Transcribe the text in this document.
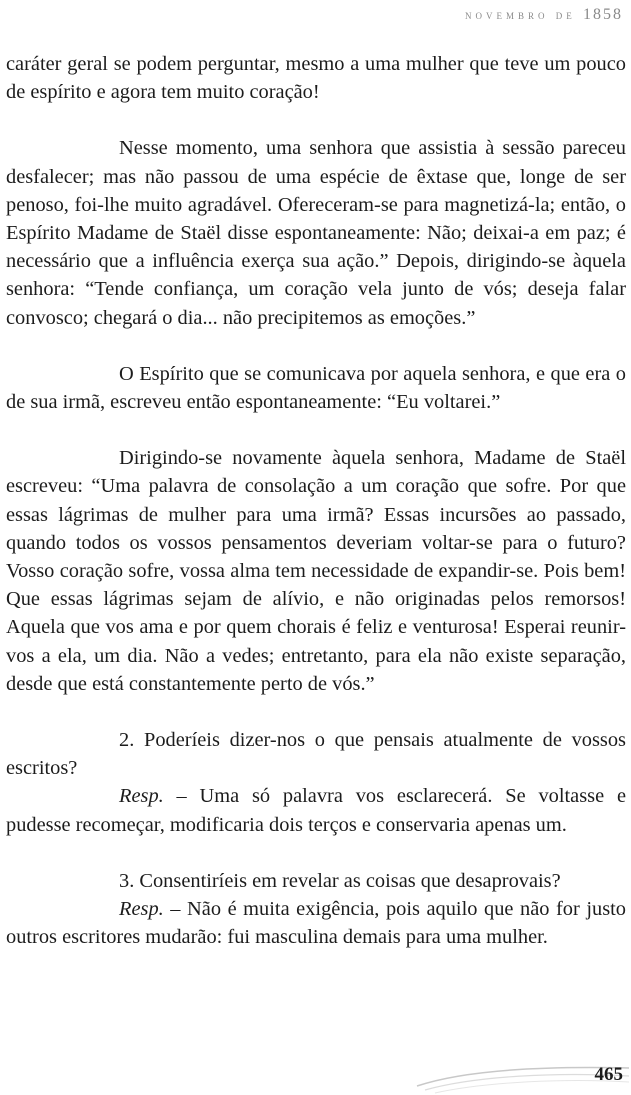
novembro de 1858

caráter geral se podem perguntar, mesmo a uma mulher que teve um pouco de espírito e agora tem muito coração!

Nesse momento, uma senhora que assistia à sessão pareceu desfalecer; mas não passou de uma espécie de êxtase que, longe de ser penoso, foi-lhe muito agradável. Ofereceram-se para magnetizá-la; então, o Espírito Madame de Staël disse espontaneamente: Não; deixai-a em paz; é necessário que a influência exerça sua ação.” Depois, dirigindo-se àquela senhora: “Tende confiança, um coração vela junto de vós; deseja falar convosco; chegará o dia... não precipitemos as emoções.”

O Espírito que se comunicava por aquela senhora, e que era o de sua irmã, escreveu então espontaneamente: “Eu voltarei.”

Dirigindo-se novamente àquela senhora, Madame de Staël escreveu: “Uma palavra de consolação a um coração que sofre. Por que essas lágrimas de mulher para uma irmã? Essas incursões ao passado, quando todos os vossos pensamentos deveriam voltar-se para o futuro? Vosso coração sofre, vossa alma tem necessidade de expandir-se. Pois bem! Que essas lágrimas sejam de alívio, e não originadas pelos remorsos! Aquela que vos ama e por quem chorais é feliz e venturosa! Esperai reunir-vos a ela, um dia. Não a vedes; entretanto, para ela não existe separação, desde que está constantemente perto de vós.”

2. Poderíeis dizer-nos o que pensais atualmente de vossos escritos?

Resp. – Uma só palavra vos esclarecerá. Se voltasse e pudesse recomeçar, modificaria dois terços e conservaria apenas um.

3. Consentiríeis em revelar as coisas que desaprovais?

Resp. – Não é muita exigência, pois aquilo que não for justo outros escritores mudarão: fui masculina demais para uma mulher.

465
